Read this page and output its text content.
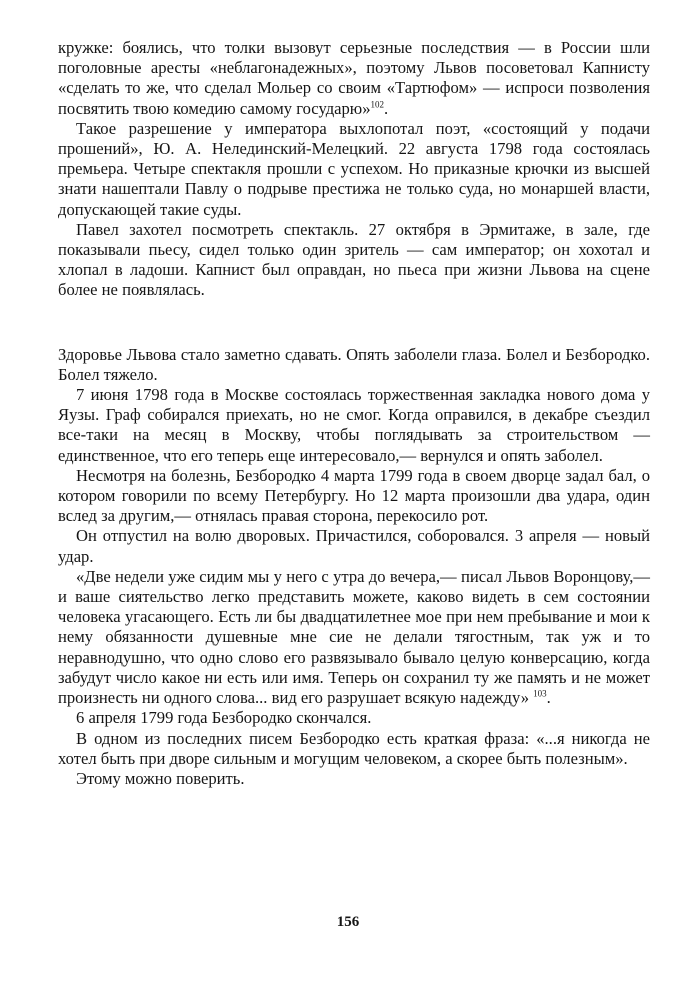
кружке: боялись, что толки вызовут серьезные последствия — в России шли поголовные аресты «неблагонадежных», поэтому Львов посоветовал Капнисту «сделать то же, что сделал Мольер со своим «Тартюфом» — испроси позволения посвятить твою комедию самому государю»$^{102}$.

Такое разрешение у императора выхлопотал поэт, «состоящий у подачи прошений», Ю. А. Нелединский-Мелецкий. 22 августа 1798 года состоялась премьера. Четыре спектакля прошли с успехом. Но приказные крючки из высшей знати нашептали Павлу о подрыве престижа не только суда, но монаршей власти, допускающей такие суды.

Павел захотел посмотреть спектакль. 27 октября в Эрмитаже, в зале, где показывали пьесу, сидел только один зритель — сам император; он хохотал и хлопал в ладоши. Капнист был оправдан, но пьеса при жизни Львова на сцене более не появлялась.

Здоровье Львова стало заметно сдавать. Опять заболели глаза. Болел и Безбородко. Болел тяжело.

7 июня 1798 года в Москве состоялась торжественная закладка нового дома у Яузы. Граф собирался приехать, но не смог. Когда оправился, в декабре съездил все-таки на месяц в Москву, чтобы поглядывать за строительством — единственное, что его теперь еще интересовало,— вернулся и опять заболел.

Несмотря на болезнь, Безбородко 4 марта 1799 года в своем дворце задал бал, о котором говорили по всему Петербургу. Но 12 марта произошли два удара, один вслед за другим,— отнялась правая сторона, перекосило рот.

Он отпустил на волю дворовых. Причастился, соборовался. 3 апреля — новый удар.

«Две недели уже сидим мы у него с утра до вечера,— писал Львов Воронцову,— и ваше сиятельство легко представить можете, каково видеть в сем состоянии человека угасающего. Есть ли бы двадцатилетнее мое при нем пребывание и мои к нему обязанности душевные мне сие не делали тягостным, так уж и то неравнодушно, что одно слово его развязывало бывало целую конверсацию, когда забудут число какое ни есть или имя. Теперь он сохранил ту же память и не может произнесть ни одного слова... вид его разрушает всякую надежду» $^{103}$.

6 апреля 1799 года Безбородко скончался.

В одном из последних писем Безбородко есть краткая фраза: «...я никогда не хотел быть при дворе сильным и могущим человеком, а скорее быть полезным».

Этому можно поверить.

156
